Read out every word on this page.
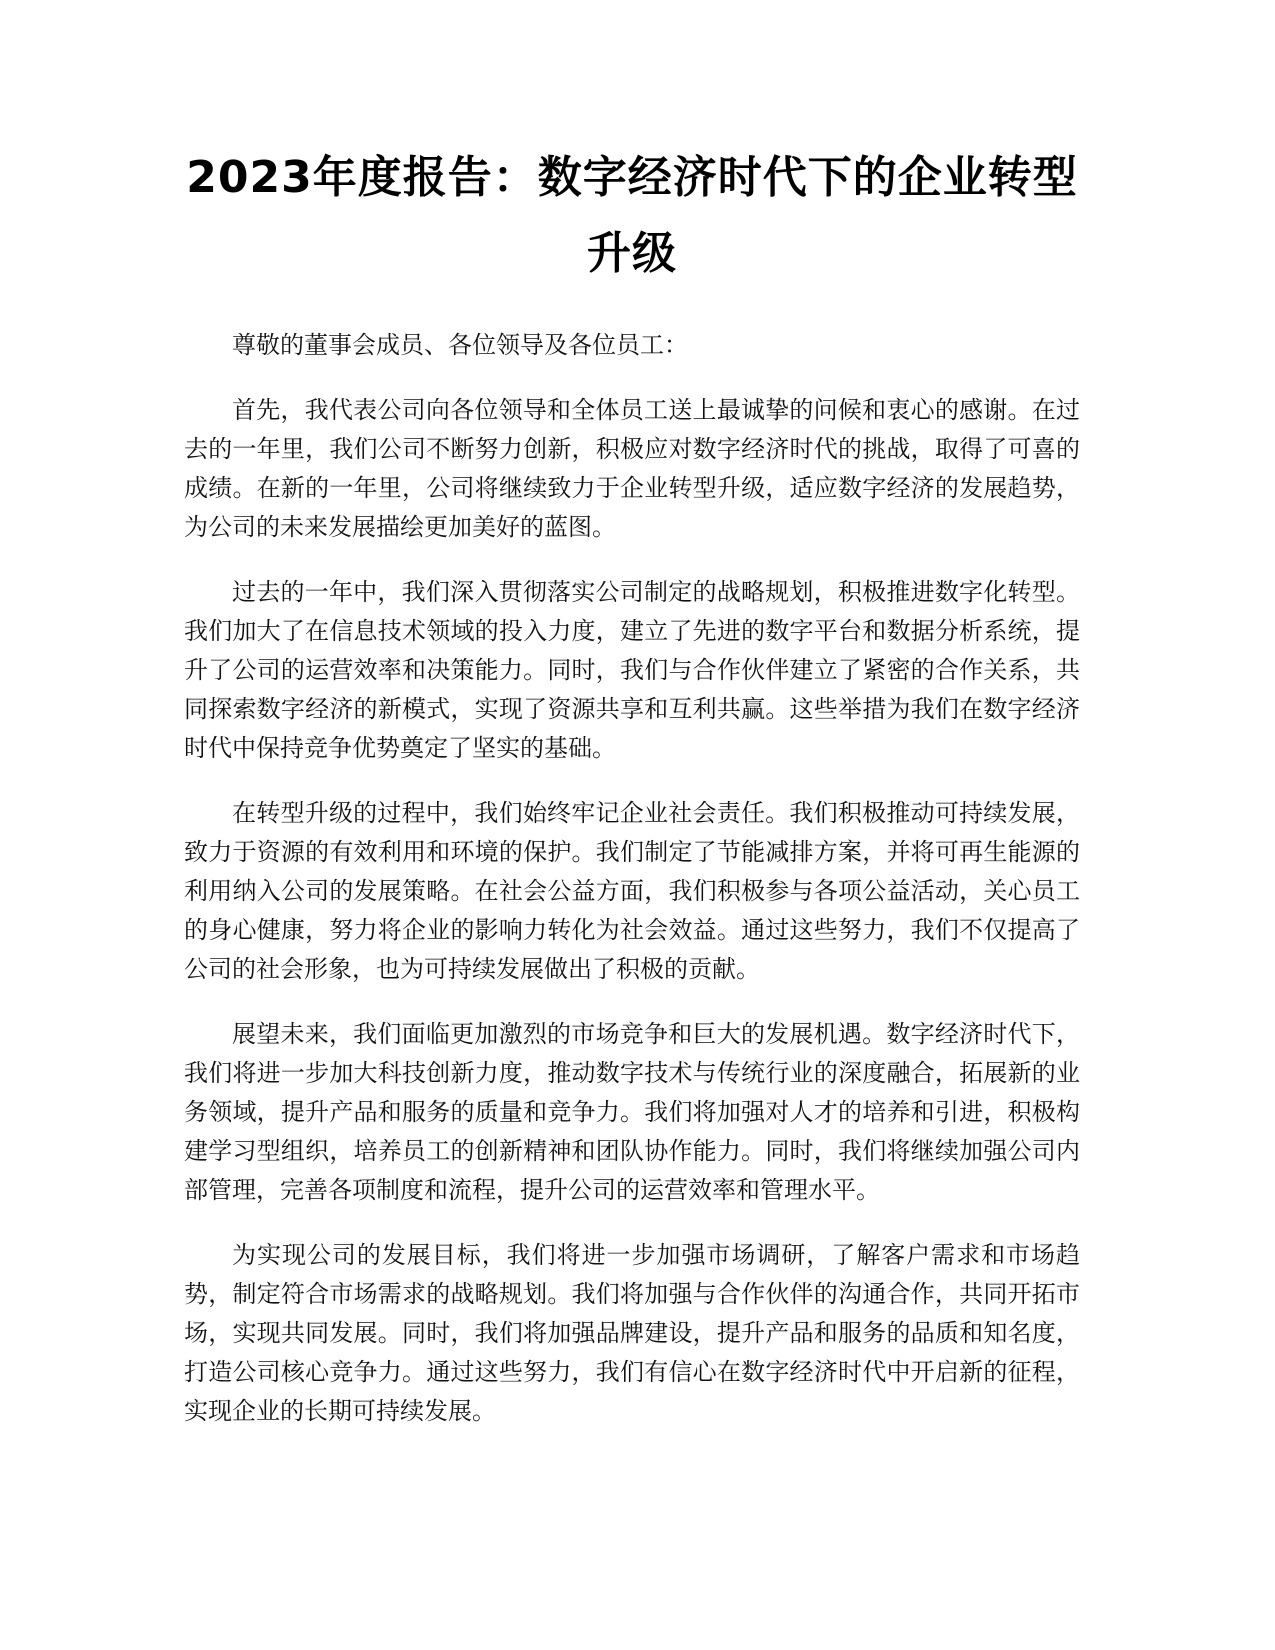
2023年度报告：数字经济时代下的企业转型升级

尊敬的董事会成员、各位领导及各位员工：

首先，我代表公司向各位领导和全体员工送上最诚挚的问候和衷心的感谢。在过去的一年里，我们公司不断努力创新，积极应对数字经济时代的挑战，取得了可喜的成绩。在新的一年里，公司将继续致力于企业转型升级，适应数字经济的发展趋势，为公司的未来发展描绘更加美好的蓝图。

过去的一年中，我们深入贯彻落实公司制定的战略规划，积极推进数字化转型。我们加大了在信息技术领域的投入力度，建立了先进的数字平台和数据分析系统，提升了公司的运营效率和决策能力。同时，我们与合作伙伴建立了紧密的合作关系，共同探索数字经济的新模式，实现了资源共享和互利共赢。这些举措为我们在数字经济时代中保持竞争优势奠定了坚实的基础。

在转型升级的过程中，我们始终牢记企业社会责任。我们积极推动可持续发展，致力于资源的有效利用和环境的保护。我们制定了节能减排方案，并将可再生能源的利用纳入公司的发展策略。在社会公益方面，我们积极参与各项公益活动，关心员工的身心健康，努力将企业的影响力转化为社会效益。通过这些努力，我们不仅提高了公司的社会形象，也为可持续发展做出了积极的贡献。

展望未来，我们面临更加激烈的市场竞争和巨大的发展机遇。数字经济时代下，我们将进一步加大科技创新力度，推动数字技术与传统行业的深度融合，拓展新的业务领域，提升产品和服务的质量和竞争力。我们将加强对人才的培养和引进，积极构建学习型组织，培养员工的创新精神和团队协作能力。同时，我们将继续加强公司内部管理，完善各项制度和流程，提升公司的运营效率和管理水平。

为实现公司的发展目标，我们将进一步加强市场调研，了解客户需求和市场趋势，制定符合市场需求的战略规划。我们将加强与合作伙伴的沟通合作，共同开拓市场，实现共同发展。同时，我们将加强品牌建设，提升产品和服务的品质和知名度，打造公司核心竞争力。通过这些努力，我们有信心在数字经济时代中开启新的征程，实现企业的长期可持续发展。
